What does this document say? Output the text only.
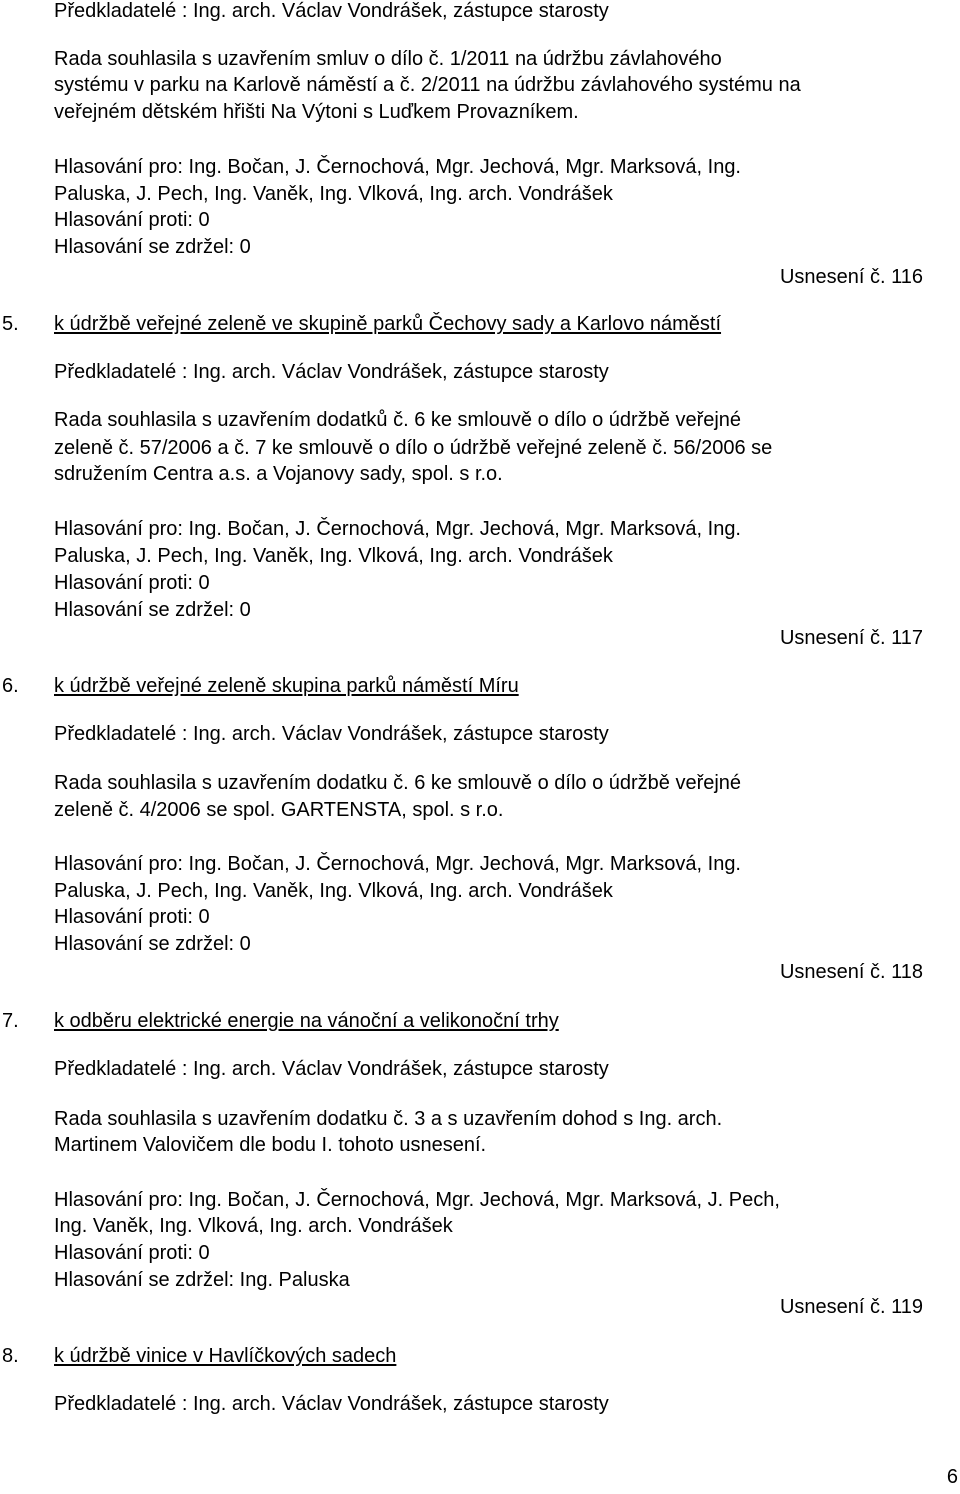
Předkladatelé : Ing. arch. Václav Vondrášek, zástupce starosty
Rada souhlasila s uzavřením smluv o dílo č. 1/2011 na údržbu závlahového
systému v parku na Karlově náměstí a č. 2/2011 na údržbu závlahového systému na
veřejném dětském hřišti Na Výtoni s Luďkem Provazníkem.
Hlasování pro: Ing. Bočan, J. Černochová, Mgr. Jechová, Mgr. Marksová, Ing.
Paluska, J. Pech, Ing. Vaněk, Ing. Vlková, Ing. arch. Vondrášek
Hlasování proti: 0
Hlasování se zdržel: 0
Usnesení č. 116
5. k údržbě veřejné zeleně ve skupině parků Čechovy sady a Karlovo náměstí
Předkladatelé : Ing. arch. Václav Vondrášek, zástupce starosty
Rada souhlasila s uzavřením dodatků č. 6 ke smlouvě o dílo o údržbě veřejné
zeleně č. 57/2006 a č. 7 ke smlouvě o dílo o údržbě veřejné zeleně č. 56/2006 se
sdružením Centra a.s. a Vojanovy sady, spol. s r.o.
Hlasování pro: Ing. Bočan, J. Černochová, Mgr. Jechová, Mgr. Marksová, Ing.
Paluska, J. Pech, Ing. Vaněk, Ing. Vlková, Ing. arch. Vondrášek
Hlasování proti: 0
Hlasování se zdržel: 0
Usnesení č. 117
6. k údržbě veřejné zeleně skupina parků náměstí Míru
Předkladatelé : Ing. arch. Václav Vondrášek, zástupce starosty
Rada souhlasila s uzavřením dodatku č. 6 ke smlouvě o dílo o údržbě veřejné
zeleně č. 4/2006 se spol. GARTENSTA, spol. s r.o.
Hlasování pro: Ing. Bočan, J. Černochová, Mgr. Jechová, Mgr. Marksová, Ing.
Paluska, J. Pech, Ing. Vaněk, Ing. Vlková, Ing. arch. Vondrášek
Hlasování proti: 0
Hlasování se zdržel: 0
Usnesení č. 118
7. k odběru elektrické energie na vánoční a velikonoční trhy
Předkladatelé : Ing. arch. Václav Vondrášek, zástupce starosty
Rada souhlasila s uzavřením dodatku č. 3 a s uzavřením dohod s Ing. arch.
Martinem Valovičem dle bodu I. tohoto usnesení.
Hlasování pro: Ing. Bočan, J. Černochová, Mgr. Jechová, Mgr. Marksová, J. Pech,
Ing. Vaněk, Ing. Vlková, Ing. arch. Vondrášek
Hlasování proti: 0
Hlasování se zdržel: Ing. Paluska
Usnesení č. 119
8. k údržbě vinice v Havlíčkových sadech
Předkladatelé : Ing. arch. Václav Vondrášek, zástupce starosty
6
